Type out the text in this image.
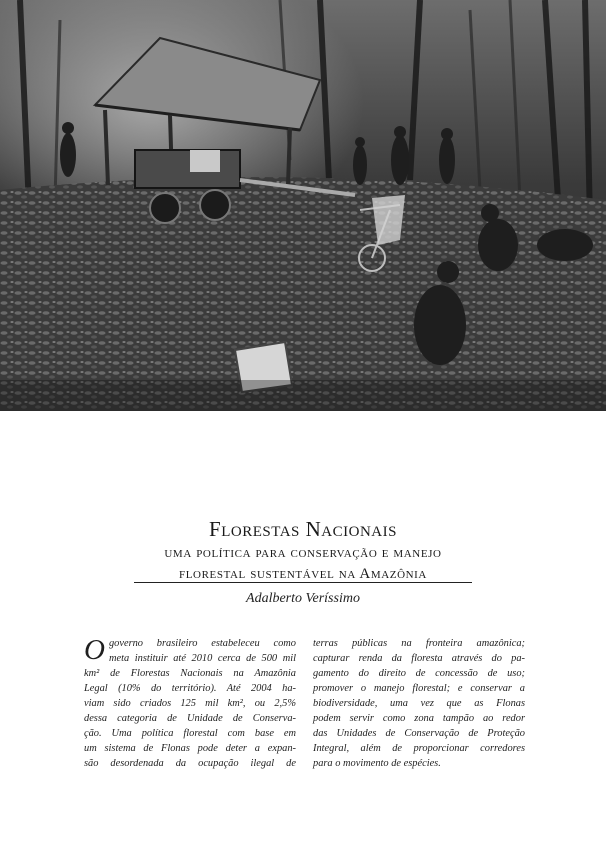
Florestas Nacionais

uma política para conservação e manejo

florestal sustentável na Amazônia

Adalberto Veríssimo
O governo brasileiro estabeleceu como
meta instituir até 2010 cerca de 500 mil
km² de Florestas Nacionais na Amazônia
Legal (10% do território). Até 2004 ha-
viam sido criados 125 mil km², ou 2,5%
dessa categoria de Unidade de Conserva-
ção. Uma política florestal com base em
um sistema de Flonas pode deter a expan-
são desordenada da ocupação ilegal de
terras públicas na fronteira amazônica;
capturar renda da floresta através do pa-
gamento do direito de concessão de uso;
promover o manejo florestal; e conservar a
biodiversidade, uma vez que as Flonas
podem servir como zona tampão ao redor
das Unidades de Conservação de Proteção
Integral, além de proporcionar corredores
para o movimento de espécies.
